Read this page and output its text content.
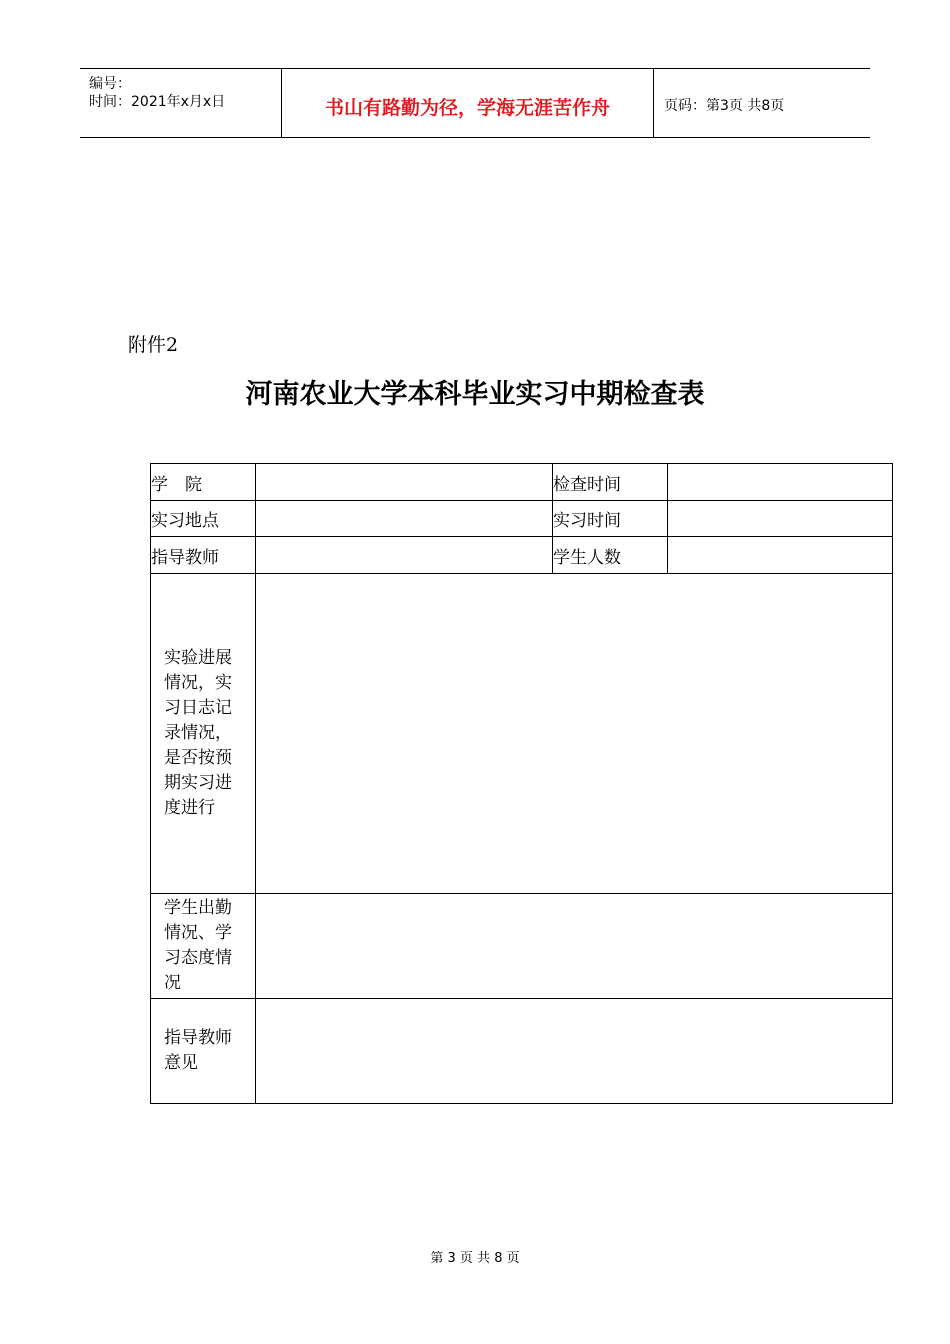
编号：
时间：2021年x月x日	书山有路勤为径，学海无涯苦作舟	页码：第3页 共8页
附件2
河南农业大学本科毕业实习中期检查表
学　院		检查时间	
实习地点		实习时间	
指导教师		学生人数	
实验进展情况，实习日志记录情况，是否按预期实习进度进行			
学生出勤情况、学习态度情况			
指导教师意见			
第 3 页 共 8 页
